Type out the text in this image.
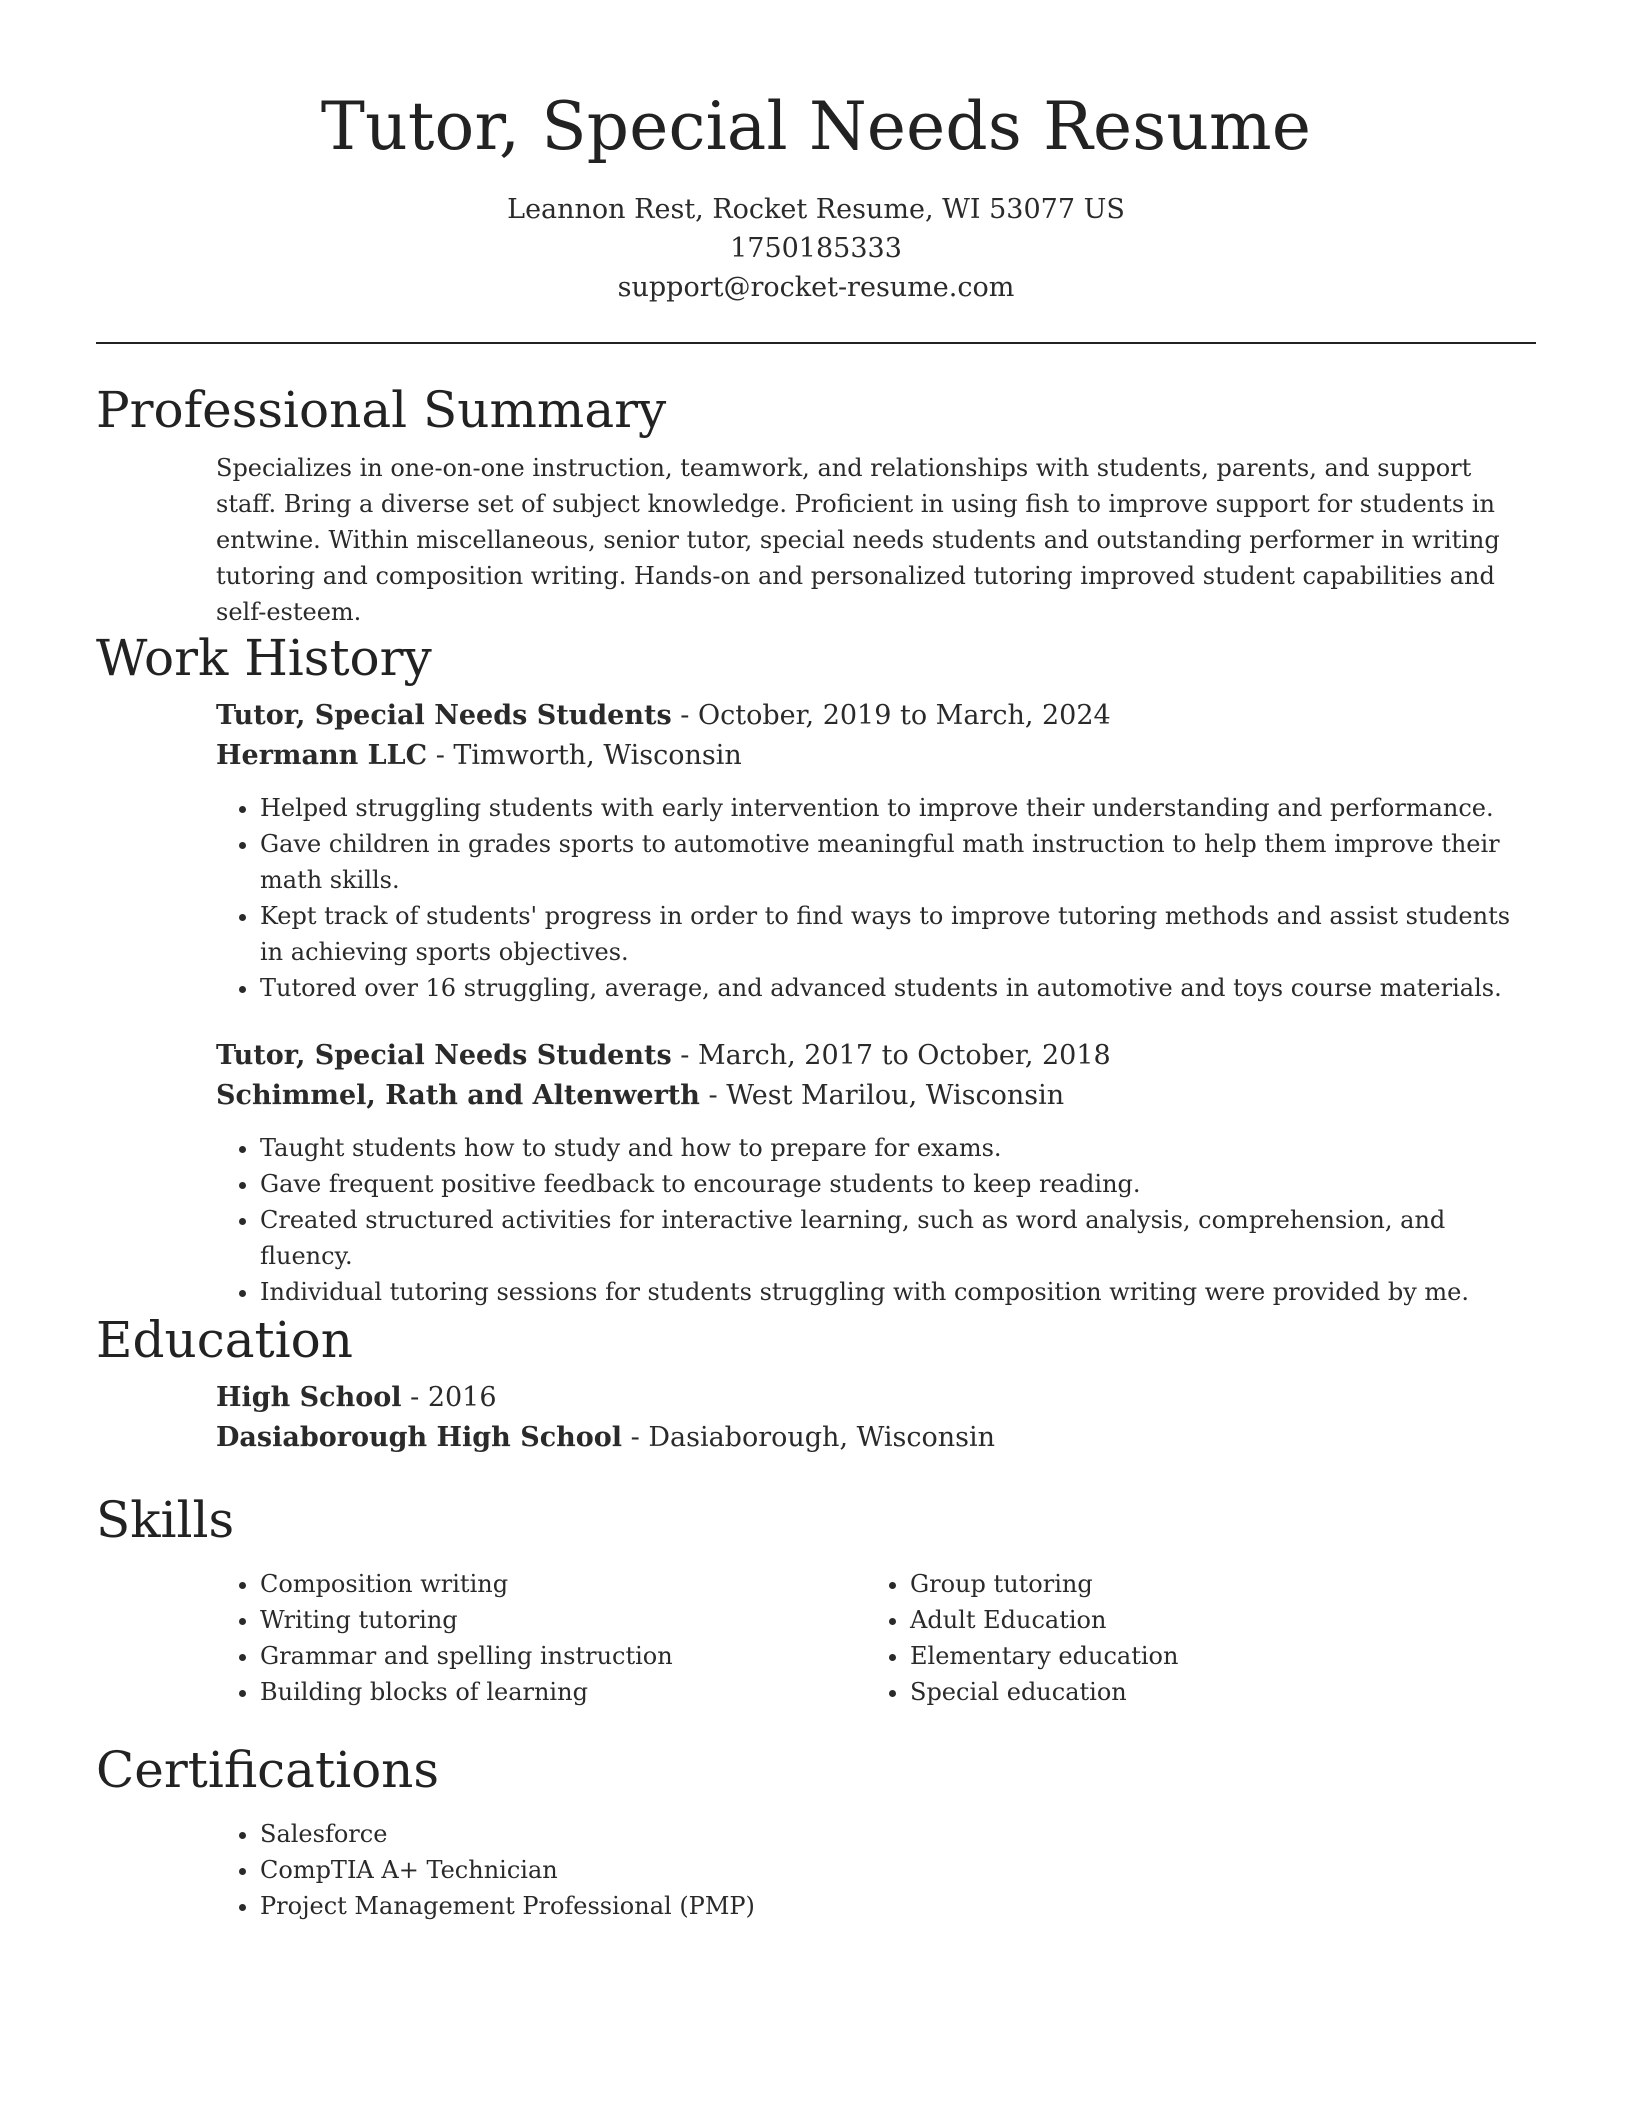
Tutor, Special Needs Resume
Leannon Rest, Rocket Resume, WI 53077 US
1750185333
support@rocket-resume.com
Professional Summary

Specializes in one-on-one instruction, teamwork, and relationships with students, parents, and support staff. Bring a diverse set of subject knowledge. Proficient in using fish to improve support for students in entwine. Within miscellaneous, senior tutor, special needs students and outstanding performer in writing tutoring and composition writing. Hands-on and personalized tutoring improved student capabilities and self-esteem.

Work History
Tutor, Special Needs Students - October, 2019 to March, 2024
Hermann LLC - Timworth, Wisconsin
• Helped struggling students with early intervention to improve their understanding and performance.
• Gave children in grades sports to automotive meaningful math instruction to help them improve their math skills.
• Kept track of students' progress in order to find ways to improve tutoring methods and assist students in achieving sports objectives.
• Tutored over 16 struggling, average, and advanced students in automotive and toys course materials.
Tutor, Special Needs Students - March, 2017 to October, 2018
Schimmel, Rath and Altenwerth - West Marilou, Wisconsin
• Taught students how to study and how to prepare for exams.
• Gave frequent positive feedback to encourage students to keep reading.
• Created structured activities for interactive learning, such as word analysis, comprehension, and fluency.
• Individual tutoring sessions for students struggling with composition writing were provided by me.
Education
High School - 2016
Dasiaborough High School - Dasiaborough, Wisconsin
Skills
• Composition writing
• Writing tutoring
• Grammar and spelling instruction
• Building blocks of learning
• Group tutoring
• Adult Education
• Elementary education
• Special education
Certifications
• Salesforce
• CompTIA A+ Technician
• Project Management Professional (PMP)
